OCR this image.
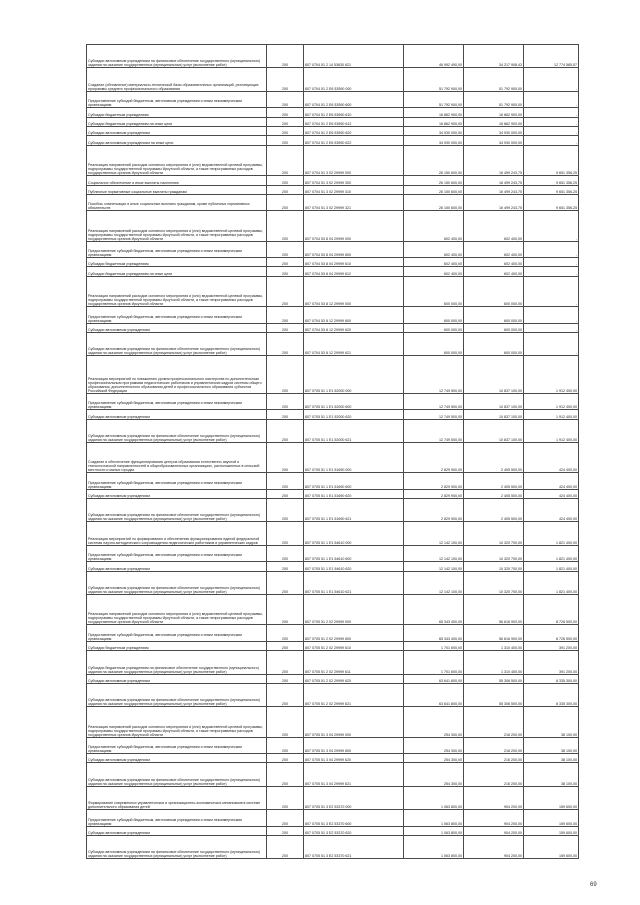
Субсидии автономным учреждениям на финансовое обеспечение государственного (муниципального) задания на оказание государственных (муниципальных) услуг (выполнение работ)	200	807 0704 51 2 14 53630 621	46 992 490,00	34 217 908,43	12 774 585,57
Создание (обновление) материально-технической базы образовательных организаций, реализующих программы среднего профессионального образования	200	807 0704 51 2 E6 53590 000	51 792 900,00	51 792 900,00	-
Предоставление субсидий бюджетным, автономным учреждениям и иным некоммерческим организациям	200	807 0704 51 2 E6 53590 600	51 792 900,00	51 792 900,00	-
Субсидии бюджетным учреждениям	200	807 0704 51 2 E6 53590 610	16 862 900,00	16 862 900,00	-
Субсидии бюджетным учреждениям на иные цели	200	807 0704 51 2 E6 53590 612	16 862 900,00	16 862 900,00	-
Субсидии автономным учреждениям	200	807 0704 51 2 E6 53590 620	34 930 000,00	34 930 000,00	-
Субсидии автономным учреждениям на иные цели	200	807 0704 51 2 E6 53590 622	34 930 000,00	34 930 000,00	-
Реализация направлений расходов основного мероприятия и (или) ведомственной целевой программы, подпрограммы государственной программы Иркутской области, а также непрограммных расходов государственных органов Иркутской области	200	807 0704 51 3 02 29999 000	26 150 600,00	16 499 243,75	9 651 356,25
Социальное обеспечение и иные выплаты населению	200	807 0704 51 3 02 29999 300	26 150 600,00	16 499 243,75	9 651 356,25
Публичные нормативные социальные выплаты гражданам	200	807 0704 51 3 02 29999 310	26 150 600,00	16 499 243,75	9 651 356,25
Пособия, компенсации и иные социальные выплаты гражданам, кроме публичных нормативных обязательств	200	807 0704 51 3 02 29999 321	26 150 600,00	16 499 243,75	9 651 356,25
Реализация направлений расходов основного мероприятия и (или) ведомственной целевой программы, подпрограммы государственной программы Иркутской области, а также непрограммных расходов государственных органов Иркутской области	200	807 0704 53 8 04 29999 000	602 400,00	602 400,00	-
Предоставление субсидий бюджетным, автономным учреждениям и иным некоммерческим организациям	200	807 0704 53 8 04 29999 600	602 400,00	602 400,00	-
Субсидии бюджетным учреждениям	200	807 0704 53 8 04 29999 610	602 400,00	602 400,00	-
Субсидии бюджетным учреждениям на иные цели	200	807 0704 53 8 04 29999 612	602 400,00	602 400,00	-
Реализация направлений расходов основного мероприятия и (или) ведомственной целевой программы, подпрограммы государственной программы Иркутской области, а также непрограммных расходов государственных органов Иркутской области	200	807 0704 53 8 12 29999 000	600 000,00	600 000,00	-
Предоставление субсидий бюджетным, автономным учреждениям и иным некоммерческим организациям	200	807 0704 53 8 12 29999 600	600 000,00	600 000,00	-
Субсидии автономным учреждениям	200	807 0704 53 8 12 29999 620	600 000,00	600 000,00	-
Субсидии автономным учреждениям на финансовое обеспечение государственного (муниципального) задания на оказание государственных (муниципальных) услуг (выполнение работ)	200	807 0704 53 8 12 29999 621	600 000,00	600 000,00	-
Реализация мероприятий по повышению уровня профессионального мастерства по дополнительным профессиональным программам педагогических работников и управленческих кадров системы общего образования, дополнительного образования детей и профессионального образования субъектов Российской Федерации	200	807 0705 51 1 E1 52000 000	12 749 500,00	10 837 100,00	1 912 400,00
Предоставление субсидий бюджетным, автономным учреждениям и иным некоммерческим организациям	200	807 0705 51 1 E1 52000 600	12 749 500,00	10 837 100,00	1 912 400,00
Субсидии автономным учреждениям	200	807 0705 51 1 E1 52000 620	12 749 500,00	10 837 100,00	1 912 400,00
Субсидии автономным учреждениям на финансовое обеспечение государственного (муниципального) задания на оказание государственных (муниципальных) услуг (выполнение работ)	200	807 0705 51 1 E1 52000 621	12 749 500,00	10 837 100,00	1 912 400,00
Создание и обеспечение функционирования центров образования естественно-научной и технологической направленностей в общеобразовательных организациях, расположенных в сельской местности и малых городах	200	807 0705 51 1 E1 51690 000	2 829 900,00	2 405 500,00	424 400,00
Предоставление субсидий бюджетным, автономным учреждениям и иным некоммерческим организациям	200	807 0705 51 1 E1 51690 600	2 829 900,00	2 405 500,00	424 400,00
Субсидии автономным учреждениям	200	807 0705 51 1 E1 51690 620	2 829 900,00	2 405 500,00	424 400,00
Субсидии автономным учреждениям на финансовое обеспечение государственного (муниципального) задания на оказание государственных (муниципальных) услуг (выполнение работ)	200	807 0705 51 1 E1 51690 621	2 829 900,00	2 405 500,00	424 400,00
Реализация мероприятий по формированию и обеспечению функционирования единой федеральной системы научно-методического сопровождения педагогических работников и управленческих кадров	200	807 0705 51 1 E1 54610 000	12 142 100,00	10 320 700,00	1 821 400,00
Предоставление субсидий бюджетным, автономным учреждениям и иным некоммерческим организациям	200	807 0705 51 1 E1 54610 600	12 142 100,00	10 320 700,00	1 821 400,00
Субсидии автономным учреждениям	200	807 0705 51 1 E1 54610 620	12 142 100,00	10 320 700,00	1 821 400,00
Субсидии автономным учреждениям на финансовое обеспечение государственного (муниципального) задания на оказание государственных (муниципальных) услуг (выполнение работ)	200	807 0705 51 1 E1 54610 621	12 142 100,00	10 320 700,00	1 821 400,00
Реализация направлений расходов основного мероприятия и (или) ведомственной целевой программы, подпрограммы государственной программы Иркутской области, а также непрограммных расходов государственных органов Иркутской области	200	807 0705 51 2 02 29999 000	65 343 400,00	56 616 900,00	8 726 500,00
Предоставление субсидий бюджетным, автономным учреждениям и иным некоммерческим организациям	200	807 0705 51 2 02 29999 600	65 343 400,00	56 616 900,00	8 726 500,00
Субсидии бюджетным учреждениям	200	807 0705 51 2 02 29999 610	1 701 600,00	1 310 400,00	391 200,00
Субсидии бюджетным учреждениям на финансовое обеспечение государственного (муниципального) задания на оказание государственных (муниципальных) услуг (выполнение работ)	200	807 0705 51 2 02 29999 611	1 701 600,00	1 310 400,00	391 200,00
Субсидии автономным учреждениям	200	807 0705 51 2 02 29999 620	63 641 800,00	55 306 500,00	8 335 300,00
Субсидии автономным учреждениям на финансовое обеспечение государственного (муниципального) задания на оказание государственных (муниципальных) услуг (выполнение работ)	200	807 0705 51 2 02 29999 621	63 641 800,00	55 306 500,00	8 335 300,00
Реализация направлений расходов основного мероприятия и (или) ведомственной целевой программы, подпрограммы государственной программы Иркутской области, а также непрограммных расходов государственных органов Иркутской области	200	807 0705 51 3 04 29999 000	254 300,00	216 200,00	38 100,00
Предоставление субсидий бюджетным, автономным учреждениям и иным некоммерческим организациям	200	807 0705 51 3 04 29999 600	254 300,00	216 200,00	38 100,00
Субсидии автономным учреждениям	200	807 0705 51 3 04 29999 620	254 300,00	216 200,00	38 100,00
Субсидии автономным учреждениям на финансовое обеспечение государственного (муниципального) задания на оказание государственных (муниципальных) услуг (выполнение работ)	200	807 0705 51 3 04 29999 621	254 300,00	216 200,00	38 100,00
Формирование современных управленческих и организационно-экономических механизмов в системе дополнительного образования детей	200	807 0705 51 3 E2 53370 000	1 063 800,00	904 200,00	159 600,00
Предоставление субсидий бюджетным, автономным учреждениям и иным некоммерческим организациям	200	807 0705 51 3 E2 53370 600	1 063 800,00	904 200,00	159 600,00
Субсидии автономным учреждениям	200	807 0705 51 3 E2 53370 620	1 063 800,00	904 200,00	159 600,00
Субсидии автономным учреждениям на финансовое обеспечение государственного (муниципального) задания на оказание государственных (муниципальных) услуг (выполнение работ)	200	807 0705 51 3 E2 53370 621	1 063 800,00	904 200,00	159 600,00
69
